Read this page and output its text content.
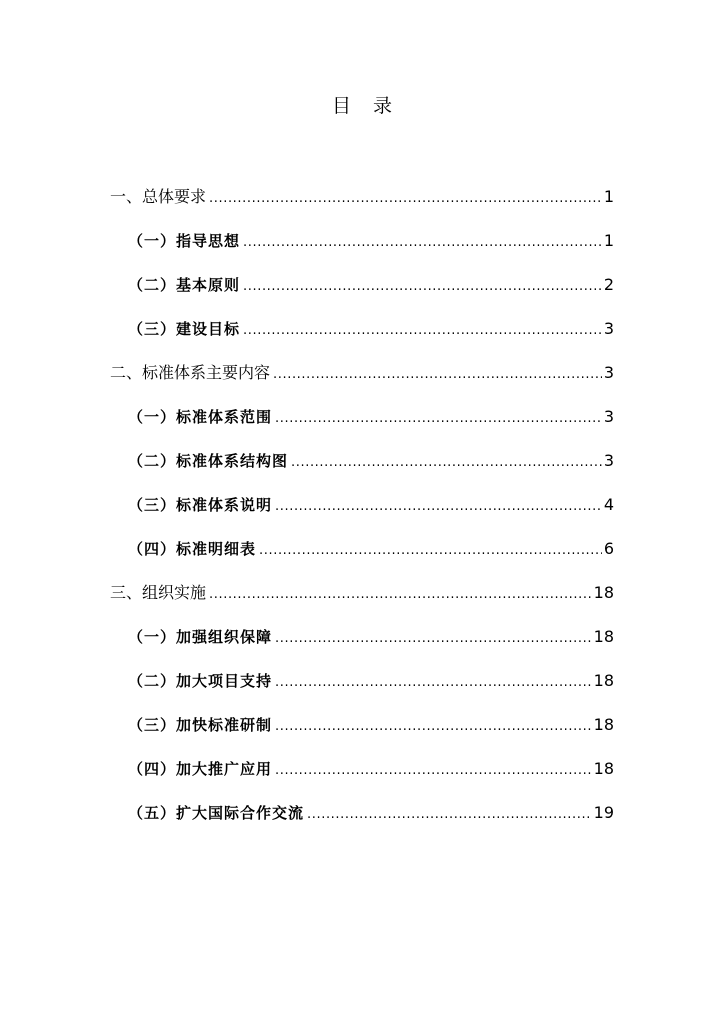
目 录
一、总体要求 .....	1
（一）指导思想 .....	1
（二）基本原则 .....	2
（三）建设目标 .....	3
二、标准体系主要内容 .....	3
（一）标准体系范围 .....	3
（二）标准体系结构图 .....	3
（三）标准体系说明 .....	4
（四）标准明细表 .....	6
三、组织实施 .....	18
（一）加强组织保障 .....	18
（二）加大项目支持 .....	18
（三）加快标准研制 .....	18
（四）加大推广应用 .....	18
（五）扩大国际合作交流 .....	19
